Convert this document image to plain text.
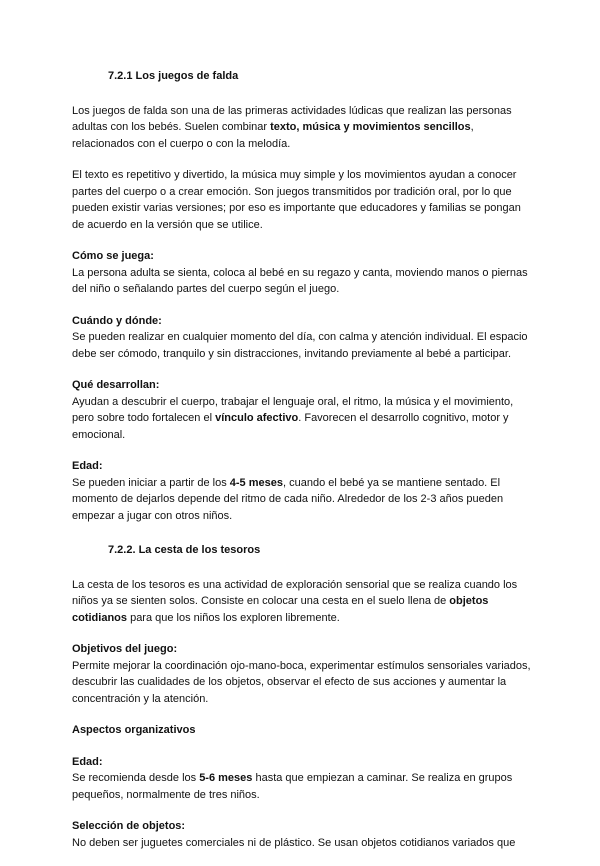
7.2.1 Los juegos de falda

Los juegos de falda son una de las primeras actividades lúdicas que realizan las personas adultas con los bebés. Suelen combinar texto, música y movimientos sencillos, relacionados con el cuerpo o con la melodía.

El texto es repetitivo y divertido, la música muy simple y los movimientos ayudan a conocer partes del cuerpo o a crear emoción. Son juegos transmitidos por tradición oral, por lo que pueden existir varias versiones; por eso es importante que educadores y familias se pongan de acuerdo en la versión que se utilice.

Cómo se juega:
La persona adulta se sienta, coloca al bebé en su regazo y canta, moviendo manos o piernas del niño o señalando partes del cuerpo según el juego.
Cuándo y dónde:
Se pueden realizar en cualquier momento del día, con calma y atención individual. El espacio debe ser cómodo, tranquilo y sin distracciones, invitando previamente al bebé a participar.
Qué desarrollan:
Ayudan a descubrir el cuerpo, trabajar el lenguaje oral, el ritmo, la música y el movimiento, pero sobre todo fortalecen el vínculo afectivo. Favorecen el desarrollo cognitivo, motor y emocional.
Edad:
Se pueden iniciar a partir de los 4-5 meses, cuando el bebé ya se mantiene sentado. El momento de dejarlos depende del ritmo de cada niño. Alrededor de los 2-3 años pueden empezar a jugar con otros niños.
7.2.2. La cesta de los tesoros

La cesta de los tesoros es una actividad de exploración sensorial que se realiza cuando los niños ya se sienten solos. Consiste en colocar una cesta en el suelo llena de objetos cotidianos para que los niños los exploren libremente.

Objetivos del juego:
Permite mejorar la coordinación ojo-mano-boca, experimentar estímulos sensoriales variados, descubrir las cualidades de los objetos, observar el efecto de sus acciones y aumentar la concentración y la atención.
Aspectos organizativos
Edad:
Se recomienda desde los 5-6 meses hasta que empiezan a caminar. Se realiza en grupos pequeños, normalmente de tres niños.
Selección de objetos:
No deben ser juguetes comerciales ni de plástico. Se usan objetos cotidianos variados que
